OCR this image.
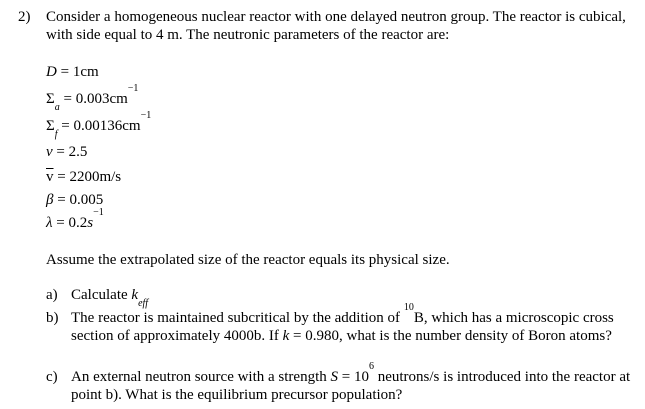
2) Consider a homogeneous nuclear reactor with one delayed neutron group. The reactor is cubical, with side equal to 4 m. The neutronic parameters of the reactor are:
D = 1cm
$\Sigma_a = 0.003cm^{-1}$
$\Sigma_f = 0.00136cm^{-1}$
ν = 2.5
$\overline{v} = 2200m/s$
β = 0.005
$\lambda = 0.2s^{-1}$
Assume the extrapolated size of the reactor equals its physical size.
a) Calculate $k_{eff}$
b) The reactor is maintained subcritical by the addition of $^{10}$B, which has a microscopic cross section of approximately 4000b. If k = 0.980, what is the number density of Boron atoms?
c) An external neutron source with a strength $S = 10^6$ neutrons/s is introduced into the reactor at point b). What is the equilibrium precursor population?
